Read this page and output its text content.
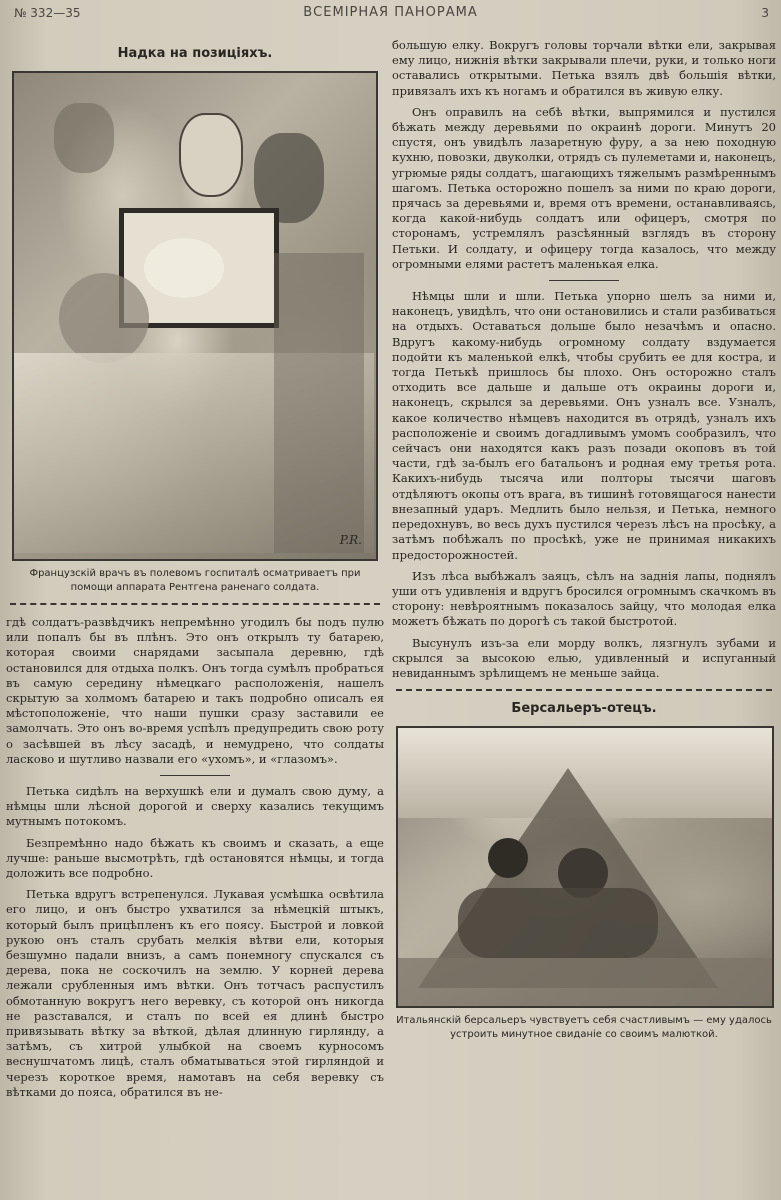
№ 332—35	ВСЕМІРНАЯ ПАНОРАМА	3
Надка на позиціяхъ.
P.R.
Французскій врачъ въ полевомъ госпиталѣ осматриваетъ при помощи аппарата Рентгена раненаго солдата.

гдѣ солдатъ-развѣдчикъ непремѣнно угодилъ бы подъ пулю или попалъ бы въ плѣнъ. Это онъ открылъ ту батарею, которая своими снарядами засыпала деревню, гдѣ остановился для отдыха полкъ. Онъ тогда сумѣлъ пробраться въ самую середину нѣмецкаго расположенія, нашелъ скрытую за холмомъ батарею и такъ подробно описалъ ея мѣстоположеніе, что наши пушки сразу заставили ее замолчать. Это онъ во-время успѣлъ предупредить свою роту о засѣвшей въ лѣсу засадѣ, и немудрено, что солдаты ласково и шутливо назвали его «ухомъ», и «глазомъ».

Петька сидѣлъ на верхушкѣ ели и думалъ свою думу, а нѣмцы шли лѣсной дорогой и сверху казались текущимъ мутнымъ потокомъ.

Безпремѣнно надо бѣжать къ своимъ и сказать, а еще лучше: раньше высмотрѣть, гдѣ остановятся нѣмцы, и тогда доложить все подробно.

Петька вдругъ встрепенулся. Лукавая усмѣшка освѣтила его лицо, и онъ быстро ухватился за нѣмецкій штыкъ, который былъ прицѣпленъ къ его поясу. Быстрой и ловкой рукою онъ сталъ срубать мелкія вѣтви ели, которыя безшумно падали внизъ, а самъ понемногу спускался съ дерева, пока не соскочилъ на землю. У корней дерева лежали срубленныя имъ вѣтки. Онъ тотчасъ распустилъ обмотанную вокругъ него веревку, съ которой онъ никогда не разставался, и сталъ по всей ея длинѣ быстро привязывать вѣтку за вѣткой, дѣлая длинную гирлянду, а затѣмъ, съ хитрой улыбкой на своемъ курносомъ веснушчатомъ лицѣ, сталъ обматываться этой гирляндой и черезъ короткое время, намотавъ на себя веревку съ вѣтками до пояса, обратился въ не-

большую елку. Вокругъ головы торчали вѣтки ели, закрывая ему лицо, нижнія вѣтки закрывали плечи, руки, и только ноги оставались открытыми. Петька взялъ двѣ большія вѣтки, привязалъ ихъ къ ногамъ и обратился въ живую елку.

Онъ оправилъ на себѣ вѣтки, выпрямился и пустился бѣжать между деревьями по окраинѣ дороги. Минутъ 20 спустя, онъ увидѣлъ лазаретную фуру, а за нею походную кухню, повозки, двуколки, отрядъ съ пулеметами и, наконецъ, угрюмые ряды солдатъ, шагающихъ тяжелымъ размѣреннымъ шагомъ. Петька осторожно пошелъ за ними по краю дороги, прячась за деревьями и, время отъ времени, останавливаясь, когда какой-нибудь солдатъ или офицеръ, смотря по сторонамъ, устремлялъ разсѣянный взглядъ въ сторону Петьки. И солдату, и офицеру тогда казалось, что между огромными елями растетъ маленькая елка.

Нѣмцы шли и шли. Петька упорно шелъ за ними и, наконецъ, увидѣлъ, что они остановились и стали разбиваться на отдыхъ. Оставаться дольше было незачѣмъ и опасно. Вдругъ какому-нибудь огромному солдату вздумается подойти къ маленькой елкѣ, чтобы срубить ее для костра, и тогда Петькѣ пришлось бы плохо. Онъ осторожно сталъ отходить все дальше и дальше отъ окраины дороги и, наконецъ, скрылся за деревьями. Онъ узналъ все. Узналъ, какое количество нѣмцевъ находится въ отрядѣ, узналъ ихъ расположеніе и своимъ догадливымъ умомъ сообразилъ, что сейчасъ они находятся какъ разъ позади окоповъ въ той части, гдѣ за-былъ его батальонъ и родная ему третья рота. Какихъ-нибудь тысяча или полторы тысячи шаговъ отдѣляютъ окопы отъ врага, въ тишинѣ готовящагося нанести внезапный ударъ. Медлить было нельзя, и Петька, немного передохнувъ, во весь духъ пустился черезъ лѣсъ на просѣку, а затѣмъ побѣжалъ по просѣкѣ, уже не принимая никакихъ предосторожностей.

Изъ лѣса выбѣжалъ заяцъ, сѣлъ на заднія лапы, поднялъ уши отъ удивленія и вдругъ бросился огромнымъ скачкомъ въ сторону: невѣроятнымъ показалось зайцу, что молодая елка можетъ бѣжать по дорогѣ съ такой быстротой.

Высунулъ изъ-за ели морду волкъ, лязгнулъ зубами и скрылся за высокою елью, удивленный и испуганный невиданнымъ зрѣлищемъ не меньше зайца.

Берсальеръ-отецъ.
Итальянскій берсальеръ чувствуетъ себя счастливымъ — ему удалось устроить минутное свиданіе со своимъ малюткой.
